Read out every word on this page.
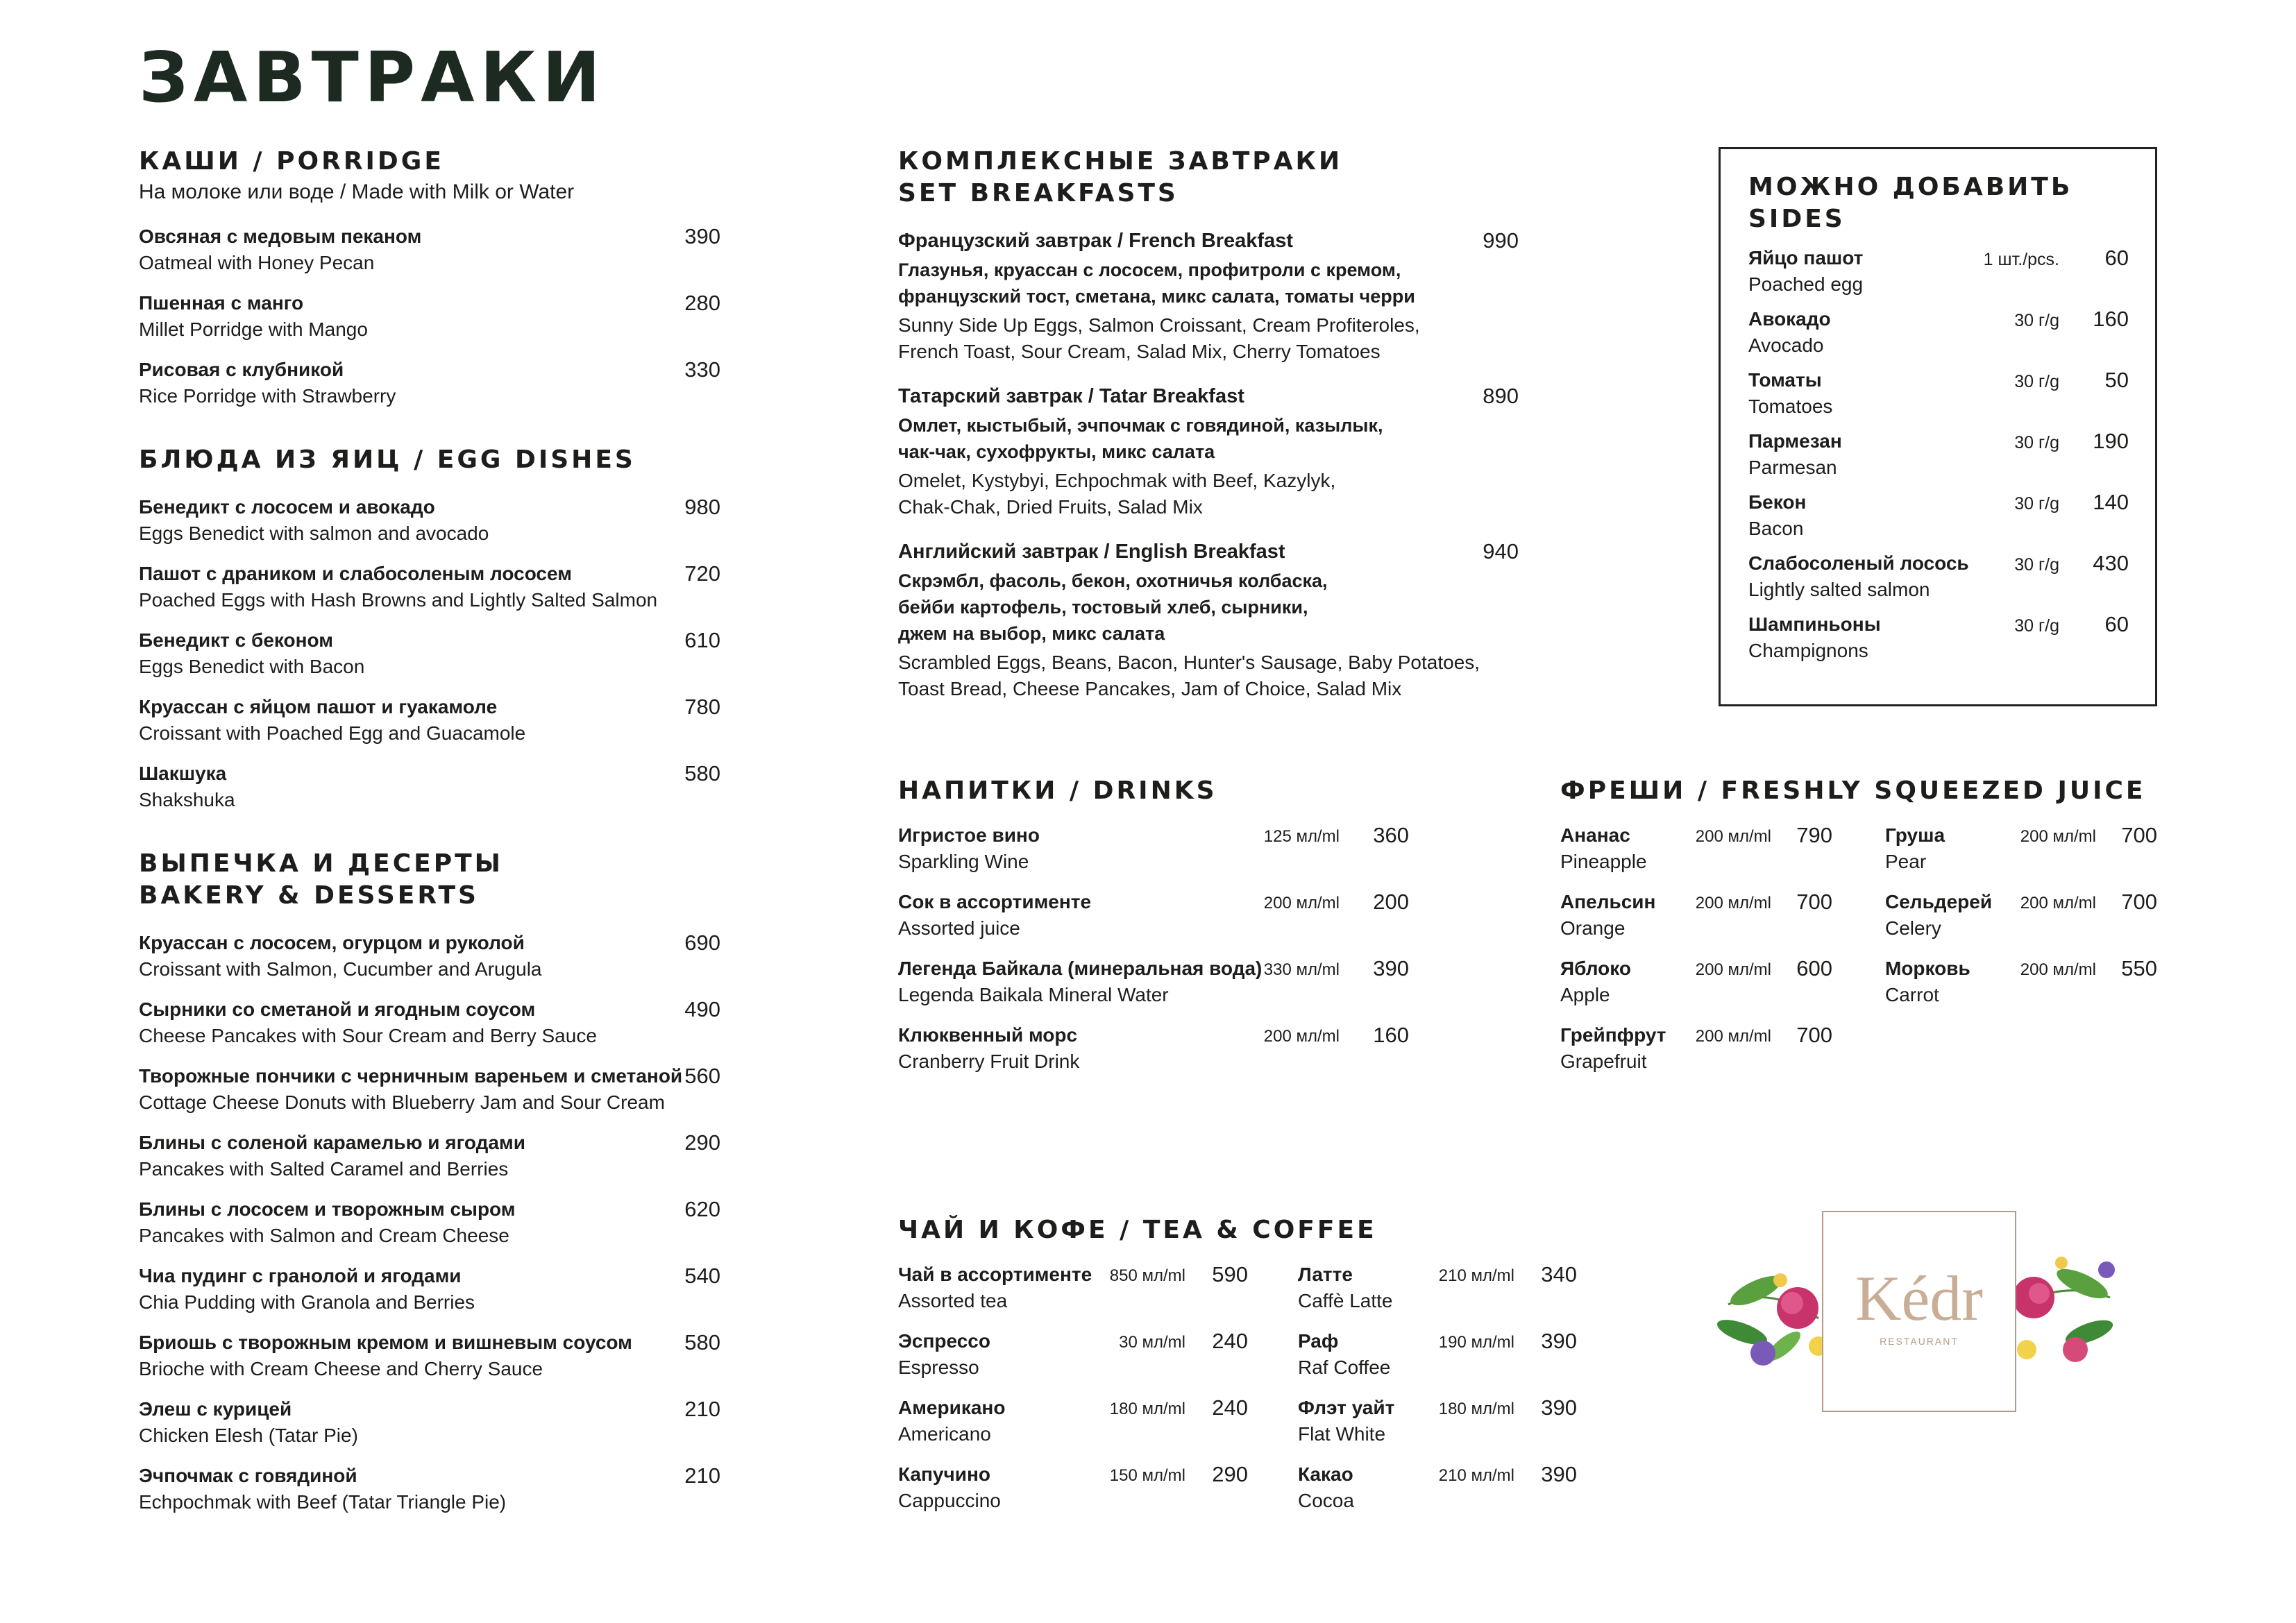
ЗАВТРАКИ
КАШИ / PORRIDGE
На молоке или воде / Made with Milk or Water
Овсяная с медовым пеканом
Oatmeal with Honey Pecan
390
Пшенная с манго
Millet Porridge with Mango
280
Рисовая с клубникой
Rice Porridge with Strawberry
330
БЛЮДА ИЗ ЯИЦ / EGG DISHES
Бенедикт с лососем и авокадо
Eggs Benedict with salmon and avocado
980
Пашот с драником и слабосоленым лососем
Poached Eggs with Hash Browns and Lightly Salted Salmon
720
Бенедикт с беконом
Eggs Benedict with Bacon
610
Круассан с яйцом пашот и гуакамоле
Croissant with Poached Egg and Guacamole
780
Шакшука
Shakshuka
580
ВЫПЕЧКА И ДЕСЕРТЫ
BAKERY & DESSERTS
Круассан с лососем, огурцом и руколой
Croissant with Salmon, Cucumber and Arugula
690
Сырники со сметаной и ягодным соусом
Cheese Pancakes with Sour Cream and Berry Sauce
490
Творожные пончики с черничным вареньем и сметаной
Cottage Cheese Donuts with Blueberry Jam and Sour Cream
560
Блины с соленой карамелью и ягодами
Pancakes with Salted Caramel and Berries
290
Блины с лососем и творожным сыром
Pancakes with Salmon and Cream Cheese
620
Чиа пудинг с гранолой и ягодами
Chia Pudding with Granola and Berries
540
Бриошь с творожным кремом и вишневым соусом
Brioche with Cream Cheese and Cherry Sauce
580
Элеш с курицей
Chicken Elesh (Tatar Pie)
210
Эчпочмак с говядиной
Echpochmak with Beef (Tatar Triangle Pie)
210
КОМПЛЕКСНЫЕ ЗАВТРАКИ
SET BREAKFASTS
Французский завтрак / French Breakfast	990
Глазунья, круассан с лососем, профитроли с кремом,
французский тост, сметана, микс салата, томаты черри
Sunny Side Up Eggs, Salmon Croissant, Cream Profiteroles,
French Toast, Sour Cream, Salad Mix, Cherry Tomatoes
Татарский завтрак / Tatar Breakfast	890
Омлет, кыстыбый, эчпочмак с говядиной, казылык,
чак-чак, сухофрукты, микс салата
Omelet, Kystybyi, Echpochmak with Beef, Kazylyk,
Chak-Chak, Dried Fruits, Salad Mix
Английский завтрак / English Breakfast	940
Скрэмбл, фасоль, бекон, охотничья колбаска,
бейби картофель, тостовый хлеб, сырники,
джем на выбор, микс салата
Scrambled Eggs, Beans, Bacon, Hunter's Sausage, Baby Potatoes,
Toast Bread, Cheese Pancakes, Jam of Choice, Salad Mix
МОЖНО ДОБАВИТЬ
SIDES
Яйцо пашот
Poached egg
1 шт./pcs. 60
Авокадо
Avocado
30 г/g 160
Томаты
Tomatoes
30 г/g 50
Пармезан
Parmesan
30 г/g 190
Бекон
Bacon
30 г/g 140
Слабосоленый лосось
Lightly salted salmon
30 г/g 430
Шампиньоны
Champignons
30 г/g 60
НАПИТКИ / DRINKS
Игристое вино
Sparkling Wine
125 мл/ml 360
Сок в ассортименте
Assorted juice
200 мл/ml 200
Легенда Байкала (минеральная вода)
Legenda Baikala Mineral Water
330 мл/ml 390
Клюквенный морс
Cranberry Fruit Drink
200 мл/ml 160
ФРЕШИ / FRESHLY SQUEEZED JUICE
Ананас
Pineapple
200 мл/ml 790
Апельсин
Orange
200 мл/ml 700
Яблоко
Apple
200 мл/ml 600
Грейпфрут
Grapefruit
200 мл/ml 700
Груша
Pear
200 мл/ml 700
Сельдерей
Celery
200 мл/ml 700
Морковь
Carrot
200 мл/ml 550
ЧАЙ И КОФЕ / TEA & COFFEE
Чай в ассортименте
Assorted tea
850 мл/ml 590
Эспрессо
Espresso
30 мл/ml 240
Американо
Americano
180 мл/ml 240
Капучино
Cappuccino
150 мл/ml 290
Латте
Caffè Latte
210 мл/ml 340
Раф
Raf Coffee
190 мл/ml 390
Флэт уайт
Flat White
180 мл/ml 390
Какао
Cocoa
210 мл/ml 390
Kédr
RESTAURANT
